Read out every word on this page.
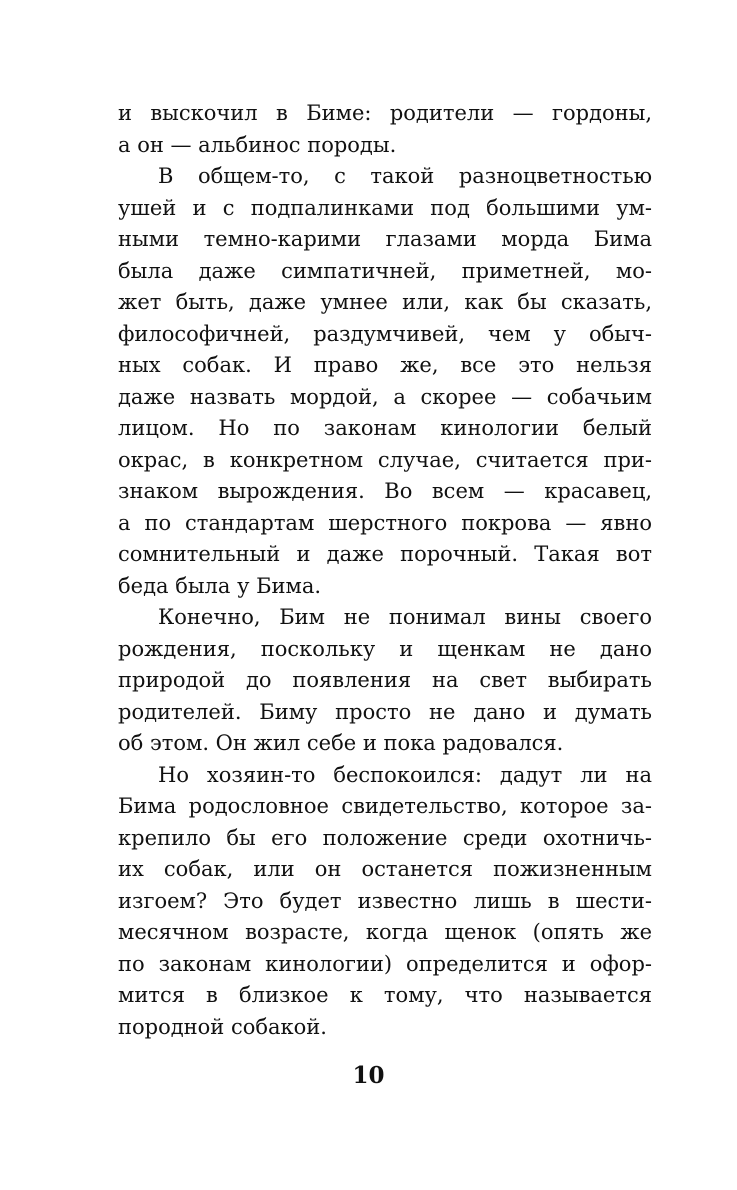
и выскочил в Биме: родители — гордоны,
а он — альбинос породы.
В общем-то, с такой разноцветностью
ушей и с подпалинками под большими ум-
ными темно-карими глазами морда Бима
была даже симпатичней, приметней, мо-
жет быть, даже умнее или, как бы сказать,
философичней, раздумчивей, чем у обыч-
ных собак. И право же, все это нельзя
даже назвать мордой, а скорее — собачьим
лицом. Но по законам кинологии белый
окрас, в конкретном случае, считается при-
знаком вырождения. Во всем — красавец,
а по стандартам шерстного покрова — явно
сомнительный и даже порочный. Такая вот
беда была у Бима.
Конечно, Бим не понимал вины своего
рождения, поскольку и щенкам не дано
природой до появления на свет выбирать
родителей. Биму просто не дано и думать
об этом. Он жил себе и пока радовался.
Но хозяин-то беспокоился: дадут ли на
Бима родословное свидетельство, которое за-
крепило бы его положение среди охотничь-
их собак, или он останется пожизненным
изгоем? Это будет известно лишь в шести-
месячном возрасте, когда щенок (опять же
по законам кинологии) определится и офор-
мится в близкое к тому, что называется
породной собакой.
10
